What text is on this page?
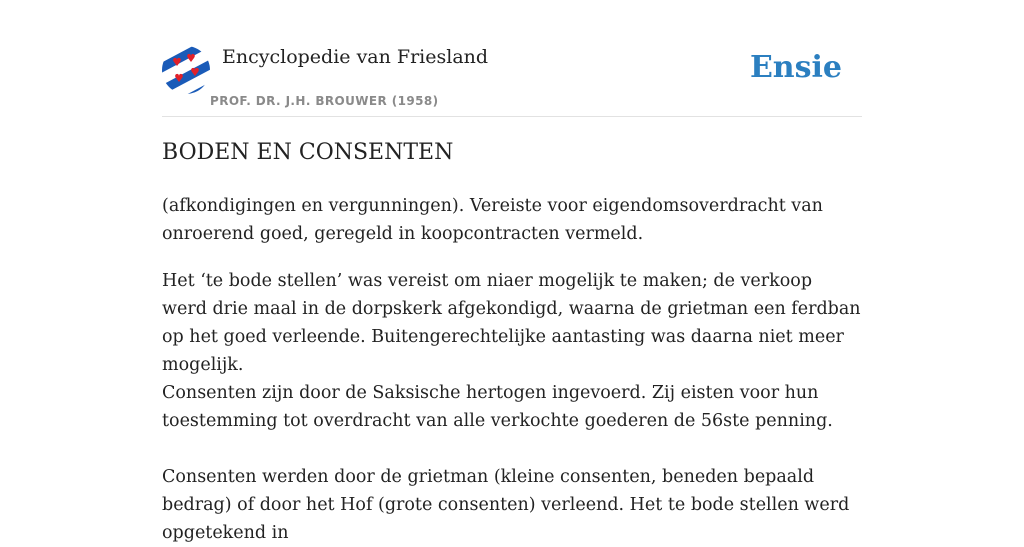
Encyclopedie van Friesland
PROF. DR. J.H. BROUWER (1958)
Ensie
BODEN EN CONSENTEN

(afkondigingen en vergunningen). Vereiste voor eigendomsoverdracht van onroerend goed, geregeld in koopcontracten vermeld.

Het ‘te bode stellen’ was vereist om niaer mogelijk te maken; de verkoop werd drie maal in de dorpskerk afgekondigd, waarna de grietman een ferdban op het goed verleende. Buitengerechtelijke aantasting was daarna niet meer mogelijk.

Consenten zijn door de Saksische hertogen ingevoerd. Zij eisten voor hun toestemming tot overdracht van alle verkochte goederen de 56ste penning.

Consenten werden door de grietman (kleine consenten, beneden bepaald bedrag) of door het Hof (grote consenten) verleend. Het te bode stellen werd opgetekend in
